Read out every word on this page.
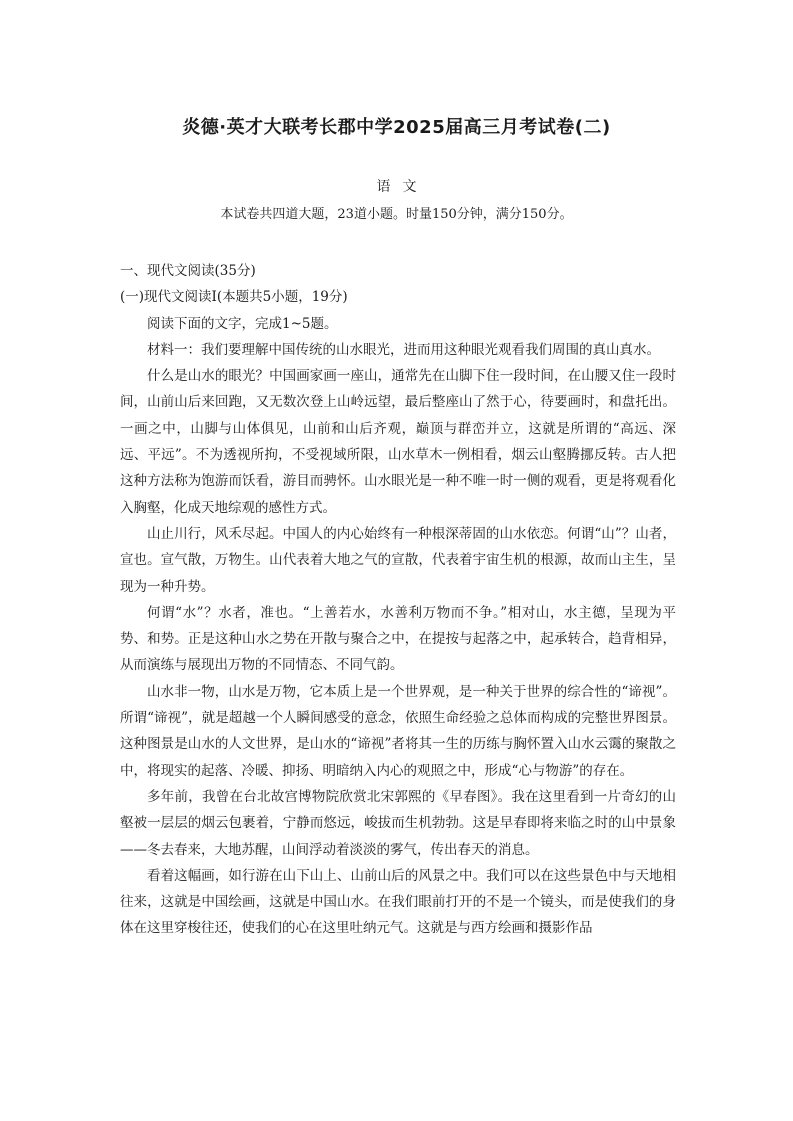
炎德·英才大联考长郡中学2025届高三月考试卷(二)
语文
本试卷共四道大题，23道小题。时量150分钟，满分150分。

一、现代文阅读(35分)

(一)现代文阅读Ⅰ(本题共5小题，19分)

阅读下面的文字，完成1~5题。

材料一：我们要理解中国传统的山水眼光，进而用这种眼光观看我们周围的真山真水。

什么是山水的眼光？中国画家画一座山，通常先在山脚下住一段时间，在山腰又住一段时间，山前山后来回跑，又无数次登上山岭远望，最后整座山了然于心，待要画时，和盘托出。一画之中，山脚与山体俱见，山前和山后齐观，巅顶与群峦并立，这就是所谓的“高远、深远、平远”。不为透视所拘，不受视域所限，山水草木一例相看，烟云山壑腾挪反转。古人把这种方法称为饱游而饫看，游目而骋怀。山水眼光是一种不唯一时一侧的观看，更是将观看化入胸壑，化成天地综观的感性方式。

山止川行，风禾尽起。中国人的内心始终有一种根深蒂固的山水依恋。何谓“山”？山者，宣也。宣气散，万物生。山代表着大地之气的宣散，代表着宇宙生机的根源，故而山主生，呈现为一种升势。

何谓“水”？水者，准也。“上善若水，水善利万物而不争。”相对山，水主德，呈现为平势、和势。正是这种山水之势在开散与聚合之中，在提按与起落之中，起承转合，趋背相异，从而演练与展现出万物的不同情态、不同气韵。

山水非一物，山水是万物，它本质上是一个世界观，是一种关于世界的综合性的“谛视”。所谓“谛视”，就是超越一个人瞬间感受的意念，依照生命经验之总体而构成的完整世界图景。这种图景是山水的人文世界，是山水的“谛视”者将其一生的历练与胸怀置入山水云霭的聚散之中，将现实的起落、冷暖、抑扬、明暗纳入内心的观照之中，形成“心与物游”的存在。

多年前，我曾在台北故宫博物院欣赏北宋郭熙的《早春图》。我在这里看到一片奇幻的山壑被一层层的烟云包裹着，宁静而悠远，峻拔而生机勃勃。这是早春即将来临之时的山中景象——冬去春来，大地苏醒，山间浮动着淡淡的雾气，传出春天的消息。

看着这幅画，如行游在山下山上、山前山后的风景之中。我们可以在这些景色中与天地相往来，这就是中国绘画，这就是中国山水。在我们眼前打开的不是一个镜头，而是使我们的身体在这里穿梭往还，使我们的心在这里吐纳元气。这就是与西方绘画和摄影作品
